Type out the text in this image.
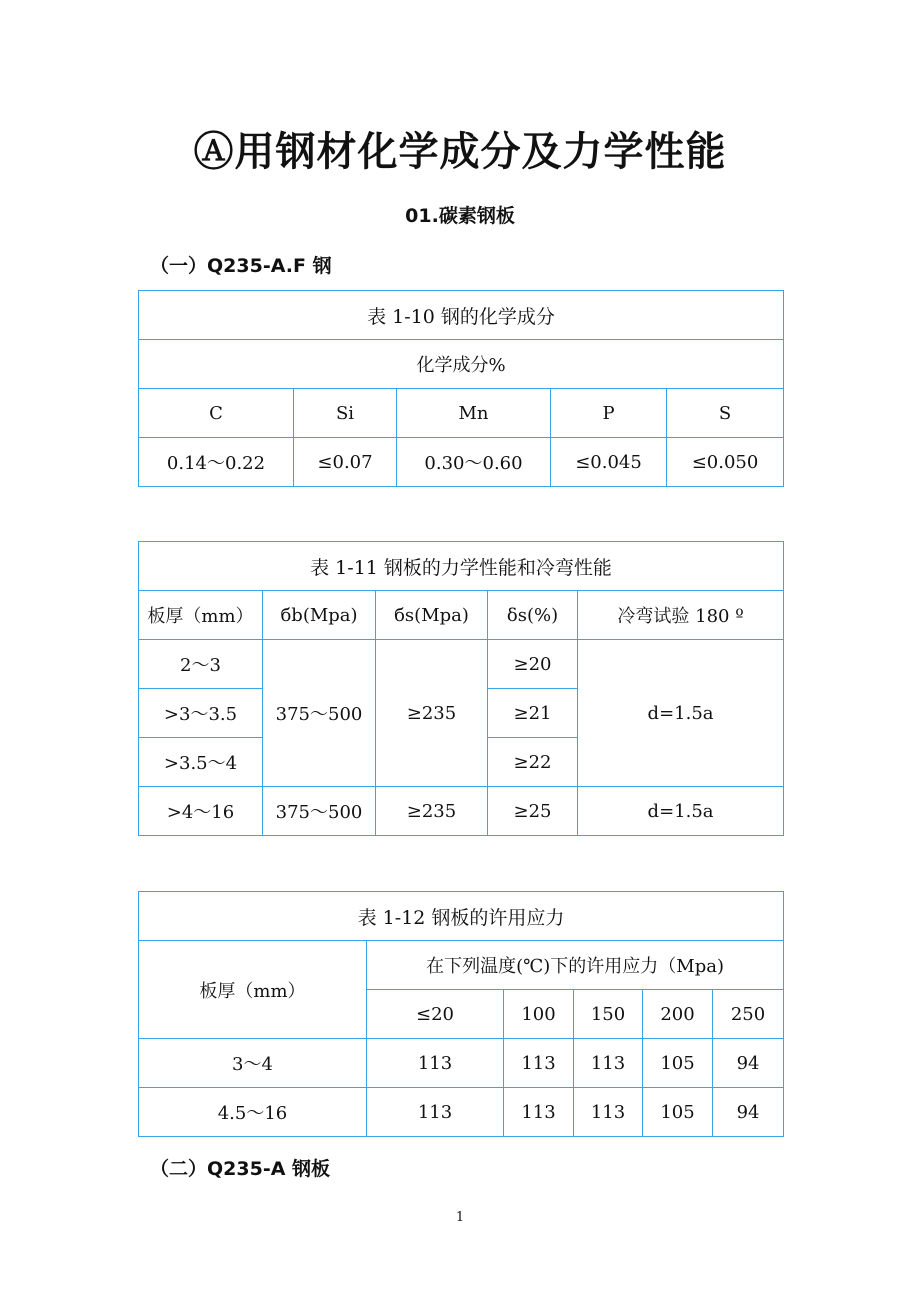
Ⓐ用钢材化学成分及力学性能
01.碳素钢板
（一）Q235-A.F 钢
表 1-10 钢的化学成分				
化学成分%				
C	Si	Mn	P	S
0.14～0.22	≤0.07	0.30～0.60	≤0.045	≤0.050
表 1-11 钢板的力学性能和冷弯性能				
板厚（mm）	бb(Mpa)	бs(Mpa)	δs(%)	冷弯试验 180 º
2～3	375～500	≥235	≥20	d=1.5a
>3～3.5			≥21	
>3.5～4			≥22	
>4～16	375～500	≥235	≥25	d=1.5a
表 1-12 钢板的许用应力					
板厚（mm）	在下列温度(℃)下的许用应力（Mpa)				
	≤20	100	150	200	250
3～4	113	113	113	105	94
4.5～16	113	113	113	105	94
（二）Q235-A 钢板
1
